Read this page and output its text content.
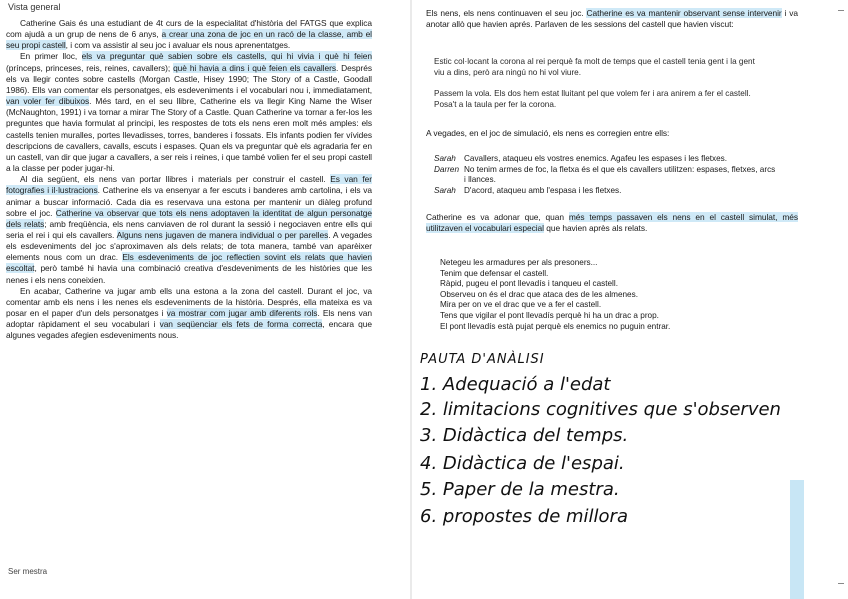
Vista general

Catherine Gais és una estudiant de 4t curs de la especialitat d'història del FATGS que explica com ajudà a un grup de nens de 6 anys, a crear una zona de joc en un racó de la classe, amb el seu propi castell, i com va assistir al seu joc i avaluar els nous aprenentatges.

En primer lloc, els va preguntar què sabien sobre els castells, qui hi vivia i què hi feien (prínceps, princeses, reis, reines, cavallers); què hi havia a dins i què feien els cavallers. Després els va llegir contes sobre castells (Morgan Castle, Hisey 1990; The Story of a Castle, Goodall 1986). Ells van comentar els personatges, els esdeveniments i el vocabulari nou i, immediatament, van voler fer dibuixos. Més tard, en el seu llibre, Catherine els va llegir King Name the Wiser (McNaughton, 1991) i va tornar a mirar The Story of a Castle. Quan Catherine va tornar a fer-los les preguntes que havia formulat al principi, les respostes de tots els nens eren molt més amples: els castells tenien muralles, portes llevadisses, torres, banderes i fossats. Els infants podien fer vívides descripcions de cavallers, cavalls, escuts i espases. Quan els va preguntar què els agradaria fer en un castell, van dir que jugar a cavallers, a ser reis i reines, i que també volien fer el seu propi castell a la classe per poder jugar-hi.

Al dia següent, els nens van portar llibres i materials per construir el castell. Es van fer fotografies i il·lustracions. Catherine els va ensenyar a fer escuts i banderes amb cartolina, i els va animar a buscar informació. Cada dia es reservava una estona per mantenir un diàleg profund sobre el joc. Catherine va observar que tots els nens adoptaven la identitat de algun personatge dels relats; amb freqüència, els nens canviaven de rol durant la sessió i negociaven entre ells qui seria el rei i qui els cavallers. Alguns nens jugaven de manera individual o per parelles. A vegades els esdeveniments del joc s'aproximaven als dels relats; de tota manera, també van aparèixer elements nous com un drac. Els esdeveniments de joc reflectien sovint els relats que havien escoltat, però també hi havia una combinació creativa d'esdeveniments de les històries que les nenes i els nens coneixien.

En acabar, Catherine va jugar amb ells una estona a la zona del castell. Durant el joc, va comentar amb els nens i les nenes els esdeveniments de la història. Després, ella mateixa es va posar en el paper d'un dels personatges i va mostrar com jugar amb diferents rols. Els nens van adoptar ràpidament el seu vocabulari i van seqüenciar els fets de forma correcta, encara que algunes vegades afegien esdeveniments nous.

Ser mestra
Els nens, els nens continuaven el seu joc. Catherine es va mantenir observant sense intervenir i va anotar allò que havien aprés. Parlaven de les sessions del castell que havien viscut:

Estic col·locant la corona al rei perquè fa molt de temps que el castell tenia gent i la gent viu a dins, però ara ningú no hi vol viure.

Passem la vola. Els dos hem estat lluitant pel que volem fer i ara anirem a fer el castell. Posa't a la taula per fer la corona.

A vegades, en el joc de simulació, els nens es corregien entre ells:
Sarah Cavallers, ataqueu els vostres enemics. Agafeu les espases i les fletxes.
Darren No tenim armes de foc, la fletxa és el que els cavallers utilitzen: espases, fletxes, arcs i llances.
Sarah D'acord, ataqueu amb l'espasa i les fletxes.
Catherine es va adonar que, quan més temps passaven els nens en el castell simulat, més utilitzaven el vocabulari especial que havien après als relats.
Netegeu les armadures per als presoners...
Tenim que defensar el castell.
Ràpid, pugeu el pont llevadís i tanqueu el castell.
Observeu on és el drac que ataca des de les almenes.
Mira per on ve el drac que ve a fer el castell.
Tens que vigilar el pont llevadís perquè hi ha un drac a prop.
El pont llevadís està pujat perquè els enemics no puguin entrar.
PAUTA D'ANÀLISI
1. Adequació a l'edat
2. limitacions cognitives que s'observen
3. Didàctica del temps.
4. Didàctica de l'espai.
5. Paper de la mestra.
6. propostes de millora
